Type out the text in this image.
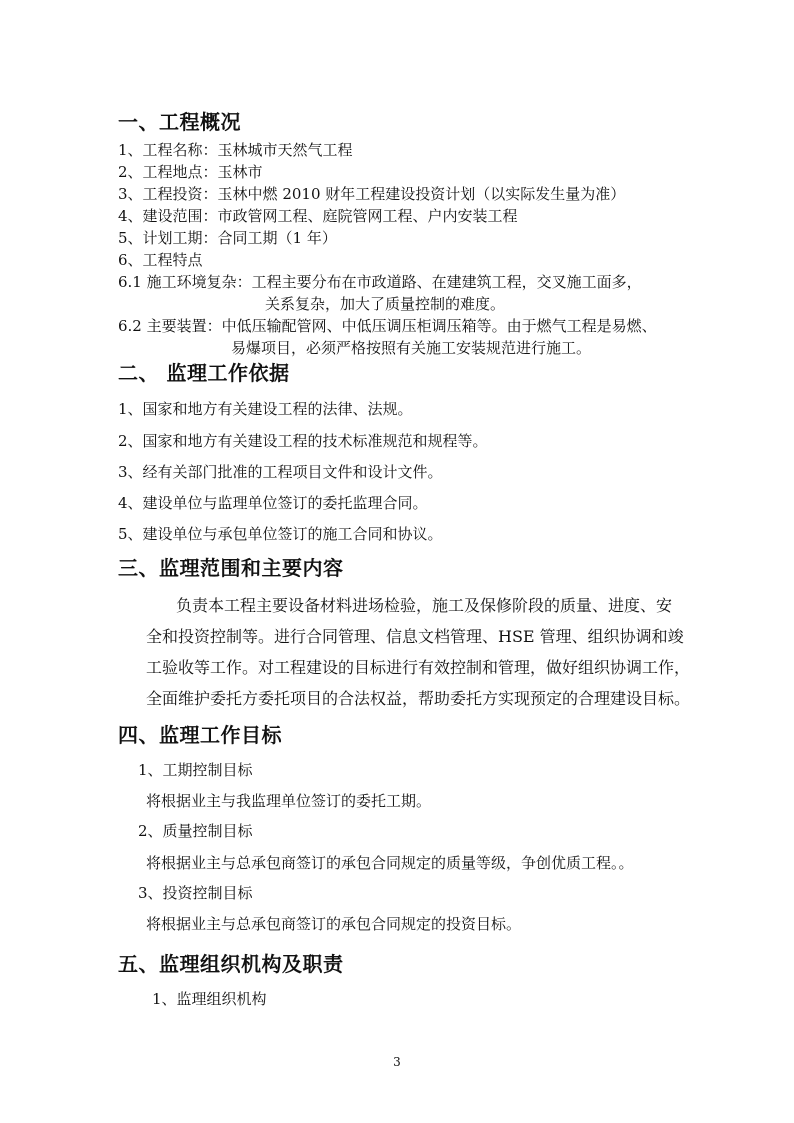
一、工程概况
1、工程名称：玉林城市天然气工程
2、工程地点：玉林市
3、工程投资：玉林中燃 2010 财年工程建设投资计划（以实际发生量为准）
4、建设范围：市政管网工程、庭院管网工程、户内安装工程
5、计划工期：合同工期（1 年）
6、工程特点
6.1 施工环境复杂：工程主要分布在市政道路、在建建筑工程，交叉施工面多，
关系复杂，加大了质量控制的难度。
6.2 主要装置：中低压输配管网、中低压调压柜调压箱等。由于燃气工程是易燃、
易爆项目，必须严格按照有关施工安装规范进行施工。
二、 监理工作依据
1、国家和地方有关建设工程的法律、法规。
2、国家和地方有关建设工程的技术标准规范和规程等。
3、经有关部门批准的工程项目文件和设计文件。
4、建设单位与监理单位签订的委托监理合同。
5、建设单位与承包单位签订的施工合同和协议。
三、监理范围和主要内容
负责本工程主要设备材料进场检验，施工及保修阶段的质量、进度、安
全和投资控制等。进行合同管理、信息文档管理、HSE 管理、组织协调和竣
工验收等工作。对工程建设的目标进行有效控制和管理，做好组织协调工作，
全面维护委托方委托项目的合法权益，帮助委托方实现预定的合理建设目标。
四、监理工作目标
1、工期控制目标
将根据业主与我监理单位签订的委托工期。
2、质量控制目标
将根据业主与总承包商签订的承包合同规定的质量等级，争创优质工程。。
3、投资控制目标
将根据业主与总承包商签订的承包合同规定的投资目标。
五、监理组织机构及职责
1、监理组织机构
3
